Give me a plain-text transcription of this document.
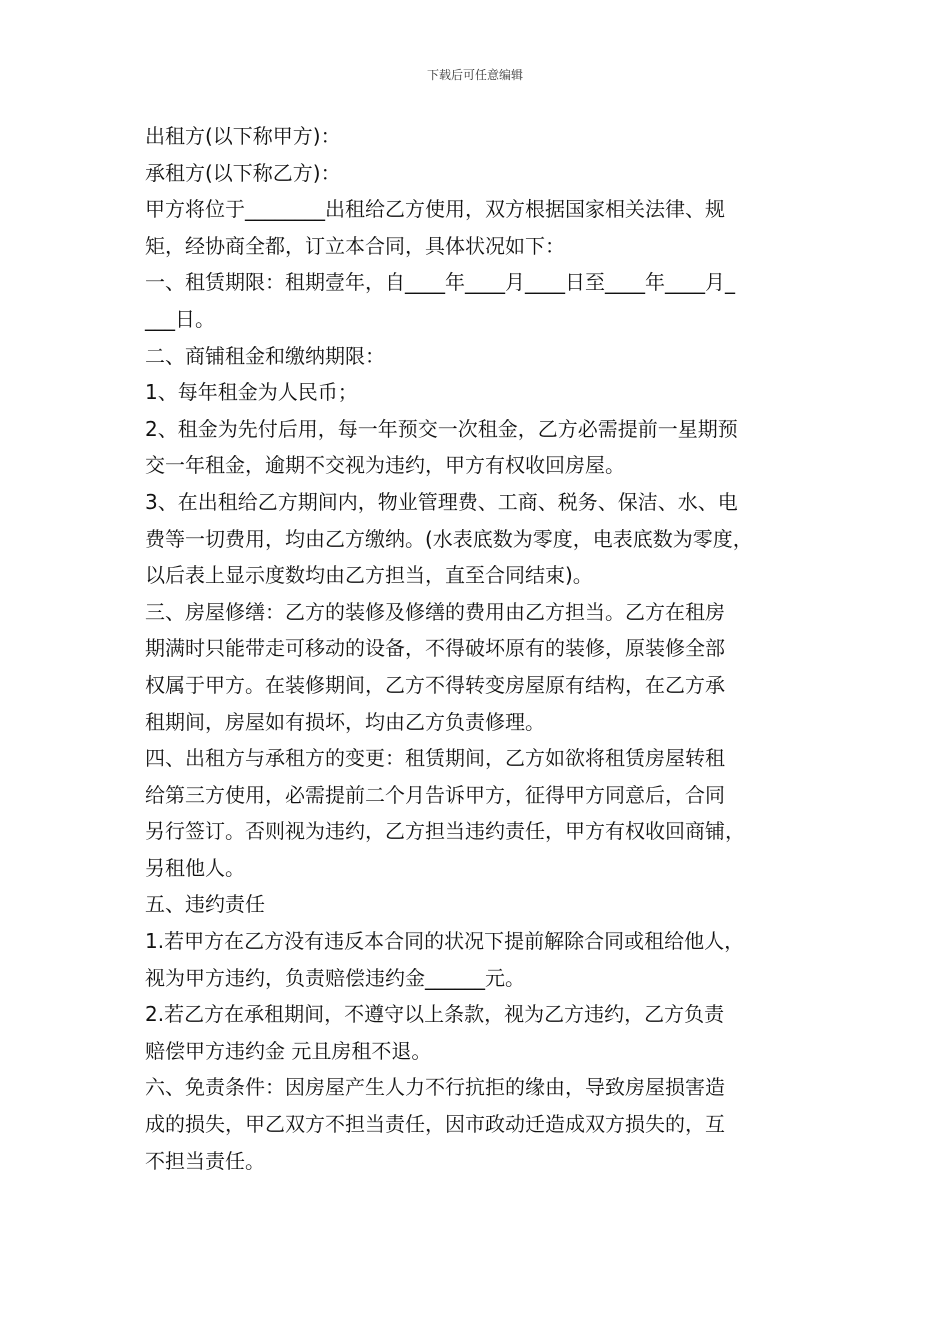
下载后可任意编辑
出租方(以下称甲方)：
承租方(以下称乙方)：
甲方将位于________出租给乙方使用，双方根据国家相关法律、规
矩，经协商全都，订立本合同，具体状况如下：
一、租赁期限：租期壹年，自____年____月____日至____年____月_
___日。
二、商铺租金和缴纳期限：
1、每年租金为人民币；
2、租金为先付后用，每一年预交一次租金，乙方必需提前一星期预
交一年租金，逾期不交视为违约，甲方有权收回房屋。
3、在出租给乙方期间内，物业管理费、工商、税务、保洁、水、电
费等一切费用，均由乙方缴纳。(水表底数为零度，电表底数为零度，
以后表上显示度数均由乙方担当，直至合同结束)。
三、房屋修缮：乙方的装修及修缮的费用由乙方担当。乙方在租房
期满时只能带走可移动的设备，不得破坏原有的装修，原装修全部
权属于甲方。在装修期间，乙方不得转变房屋原有结构，在乙方承
租期间，房屋如有损坏，均由乙方负责修理。
四、出租方与承租方的变更：租赁期间，乙方如欲将租赁房屋转租
给第三方使用，必需提前二个月告诉甲方，征得甲方同意后，合同
另行签订。否则视为违约，乙方担当违约责任，甲方有权收回商铺，
另租他人。
五、违约责任
1.若甲方在乙方没有违反本合同的状况下提前解除合同或租给他人，
视为甲方违约，负责赔偿违约金______元。
2.若乙方在承租期间，不遵守以上条款，视为乙方违约，乙方负责
赔偿甲方违约金 元且房租不退。
六、免责条件：因房屋产生人力不行抗拒的缘由，导致房屋损害造
成的损失，甲乙双方不担当责任，因市政动迁造成双方损失的，互
不担当责任。
